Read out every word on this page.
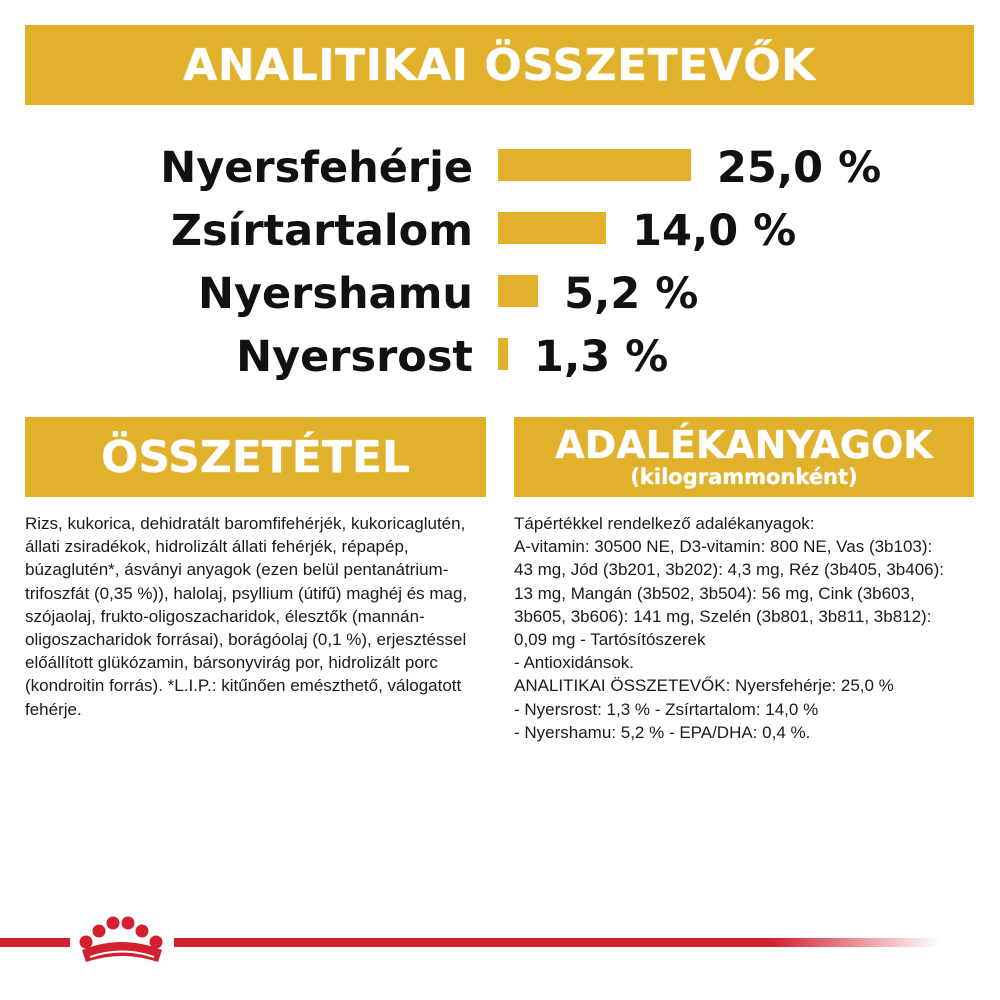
ANALITIKAI ÖSSZETEVŐK
Nyersfehérje	25,0 %
Zsírtartalom	14,0 %
Nyershamu 5,2 %
Nyersrost 1,3 %
ÖSSZETÉTEL	ADALÉKANYAGOK
(kilogrammonként)
Rizs, kukorica, dehidratált baromfifehérjék, kukoricaglutén, állati zsiradékok, hidrolizált állati fehérjék, répapép, búzaglutén*, ásványi anyagok (ezen belül pentanátrium-trifoszfát (0,35 %)), halolaj, psyllium (útifű) maghéj és mag, szójaolaj, frukto-oligoszacharidok, élesztők (mannán-oligoszacharidok forrásai), borágóolaj (0,1 %), erjesztéssel előállított glükózamin, bársonyvirág por, hidrolizált porc (kondroitin forrás). *L.I.P.: kitűnően emészthető, válogatott fehérje.
Tápértékkel rendelkező adalékanyagok:
A-vitamin: 30500 NE, D3-vitamin: 800 NE, Vas (3b103): 43 mg, Jód (3b201, 3b202): 4,3 mg, Réz (3b405, 3b406): 13 mg, Mangán (3b502, 3b504): 56 mg, Cink (3b603, 3b605, 3b606): 141 mg, Szelén (3b801, 3b811, 3b812): 0,09 mg - Tartósítószerek
- Antioxidánsok.
ANALITIKAI ÖSSZETEVŐK: Nyersfehérje: 25,0 %
- Nyersrost: 1,3 % - Zsírtartalom: 14,0 %
- Nyershamu: 5,2 % - EPA/DHA: 0,4 %.
